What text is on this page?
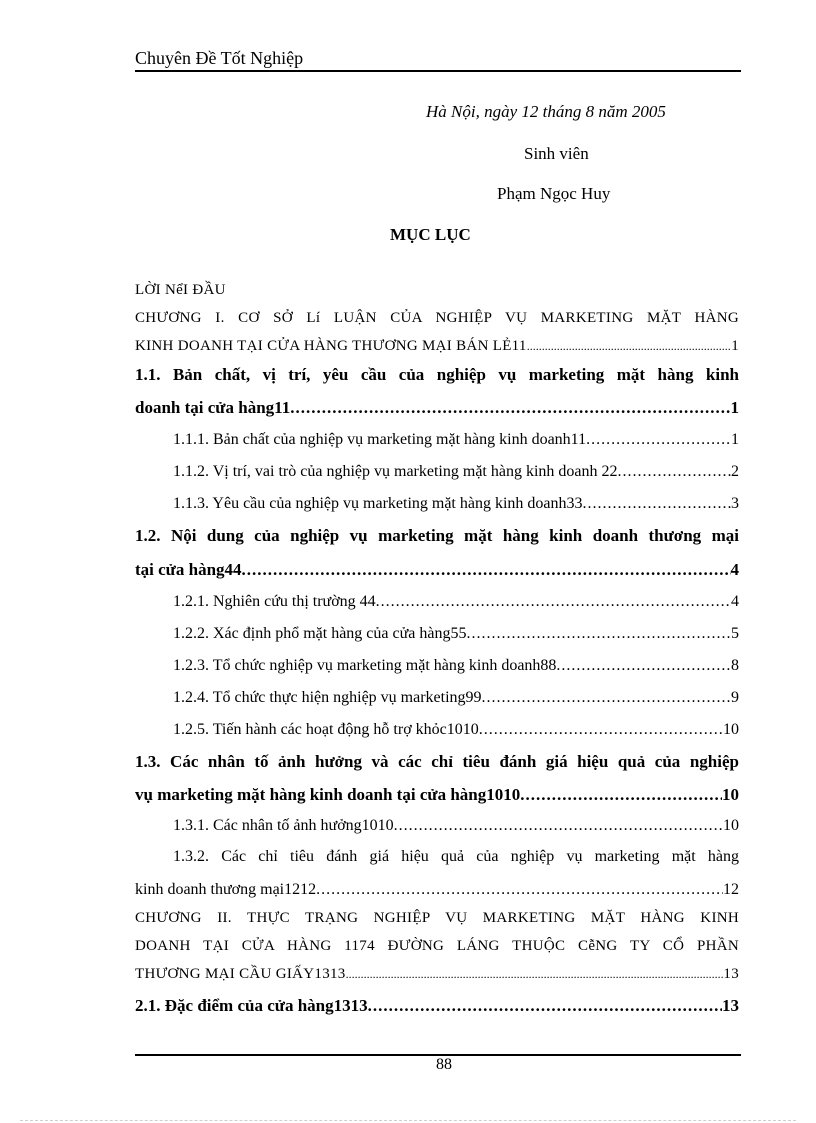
Chuyên Đề Tốt Nghiệp
Hà Nội, ngày 12 tháng 8 năm 2005
Sinh viên
Phạm Ngọc Huy
MỤC LỤC
LỜI NểI ĐẦU
CHƯƠNG I. CƠ SỞ Lí LUẬN CỦA NGHIỆP VỤ MARKETING MẶT HÀNG
KINH DOANH TẠI CỬA HÀNG THƯƠNG MẠI BÁN LẺ11 .....	1
1.1. Bản chất, vị trí, yêu cầu của nghiệp vụ marketing mặt hàng kinh
doanh tại cửa hàng11 .....	1
1.1.1. Bản chất của nghiệp vụ marketing mặt hàng kinh doanh11 .....	1
1.1.2. Vị trí, vai trò của nghiệp vụ marketing mặt hàng kinh doanh 22 .....	2
1.1.3. Yêu cầu của nghiệp vụ marketing mặt hàng kinh doanh33 .....	3
1.2. Nội dung của nghiệp vụ marketing mặt hàng kinh doanh thương mại
tại cửa hàng44 .....	4
1.2.1. Nghiên cứu thị trường 44 .....	4
1.2.2. Xác định phổ mặt hàng của cửa hàng55 .....	5
1.2.3. Tổ chức nghiệp vụ marketing mặt hàng kinh doanh88 .....	8
1.2.4. Tổ chức thực hiện nghiệp vụ marketing99 .....	9
1.2.5. Tiến hành các hoạt động hỗ trợ khỏc1010 .....	10
1.3. Các nhân tố ảnh hưởng và các chỉ tiêu đánh giá hiệu quả của nghiệp
vụ marketing mặt hàng kinh doanh tại cửa hàng1010 .....	10
1.3.1. Các nhân tố ảnh hưởng1010 .....	10
1.3.2. Các chỉ tiêu đánh giá hiệu quả của nghiệp vụ marketing mặt hàng
kinh doanh thương mại1212 .....	12
CHƯƠNG II. THỰC TRẠNG NGHIỆP VỤ MARKETING MẶT HÀNG KINH
DOANH TẠI CỬA HÀNG 1174 ĐƯỜNG LÁNG THUỘC CễNG TY CỔ PHẦN
THƯƠNG MẠI CẦU GIẤY1313 .....	13
2.1. Đặc điểm của cửa hàng1313 .....	13
88
